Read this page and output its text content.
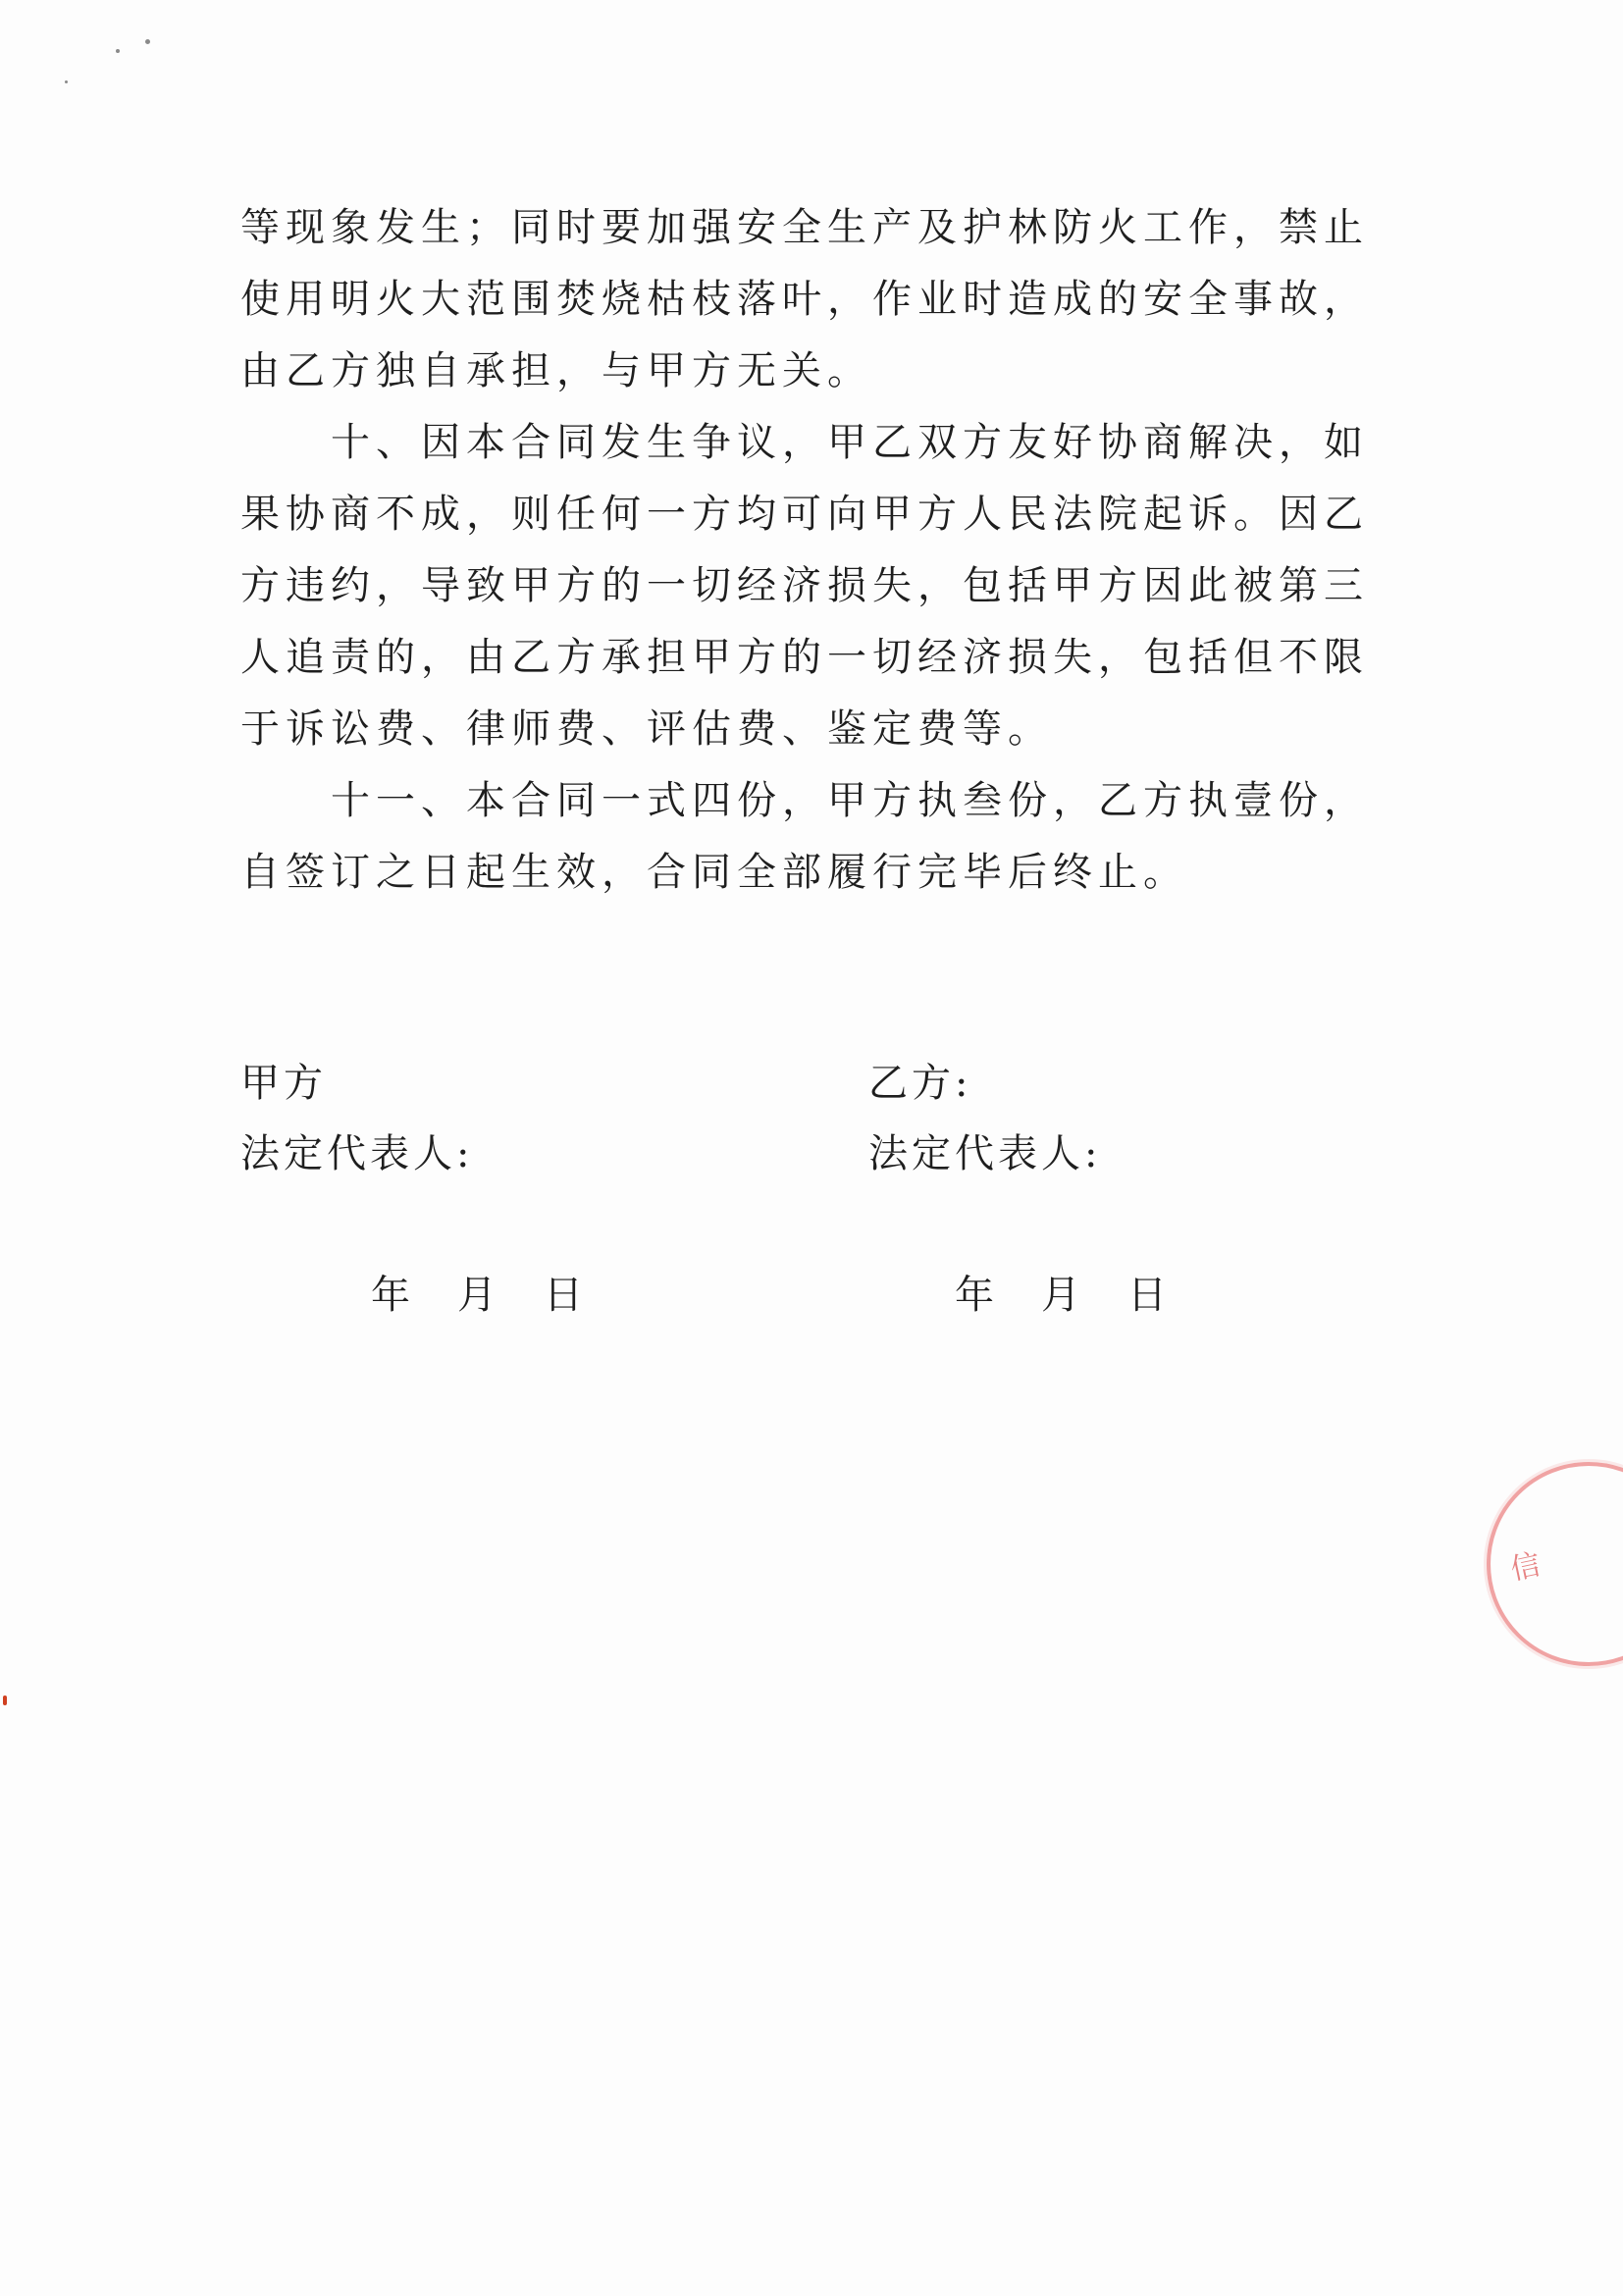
等现象发生；同时要加强安全生产及护林防火工作，禁止使用明火大范围焚烧枯枝落叶，作业时造成的安全事故，由乙方独自承担，与甲方无关。

十、因本合同发生争议，甲乙双方友好协商解决，如果协商不成，则任何一方均可向甲方人民法院起诉。因乙方违约，导致甲方的一切经济损失，包括甲方因此被第三人追责的，由乙方承担甲方的一切经济损失，包括但不限于诉讼费、律师费、评估费、鉴定费等。

十一、本合同一式四份，甲方执叁份，乙方执壹份，自签订之日起生效，合同全部履行完毕后终止。

甲方
法定代表人:
乙方:
法定代表人:
年 月 日	年 月 日
信
